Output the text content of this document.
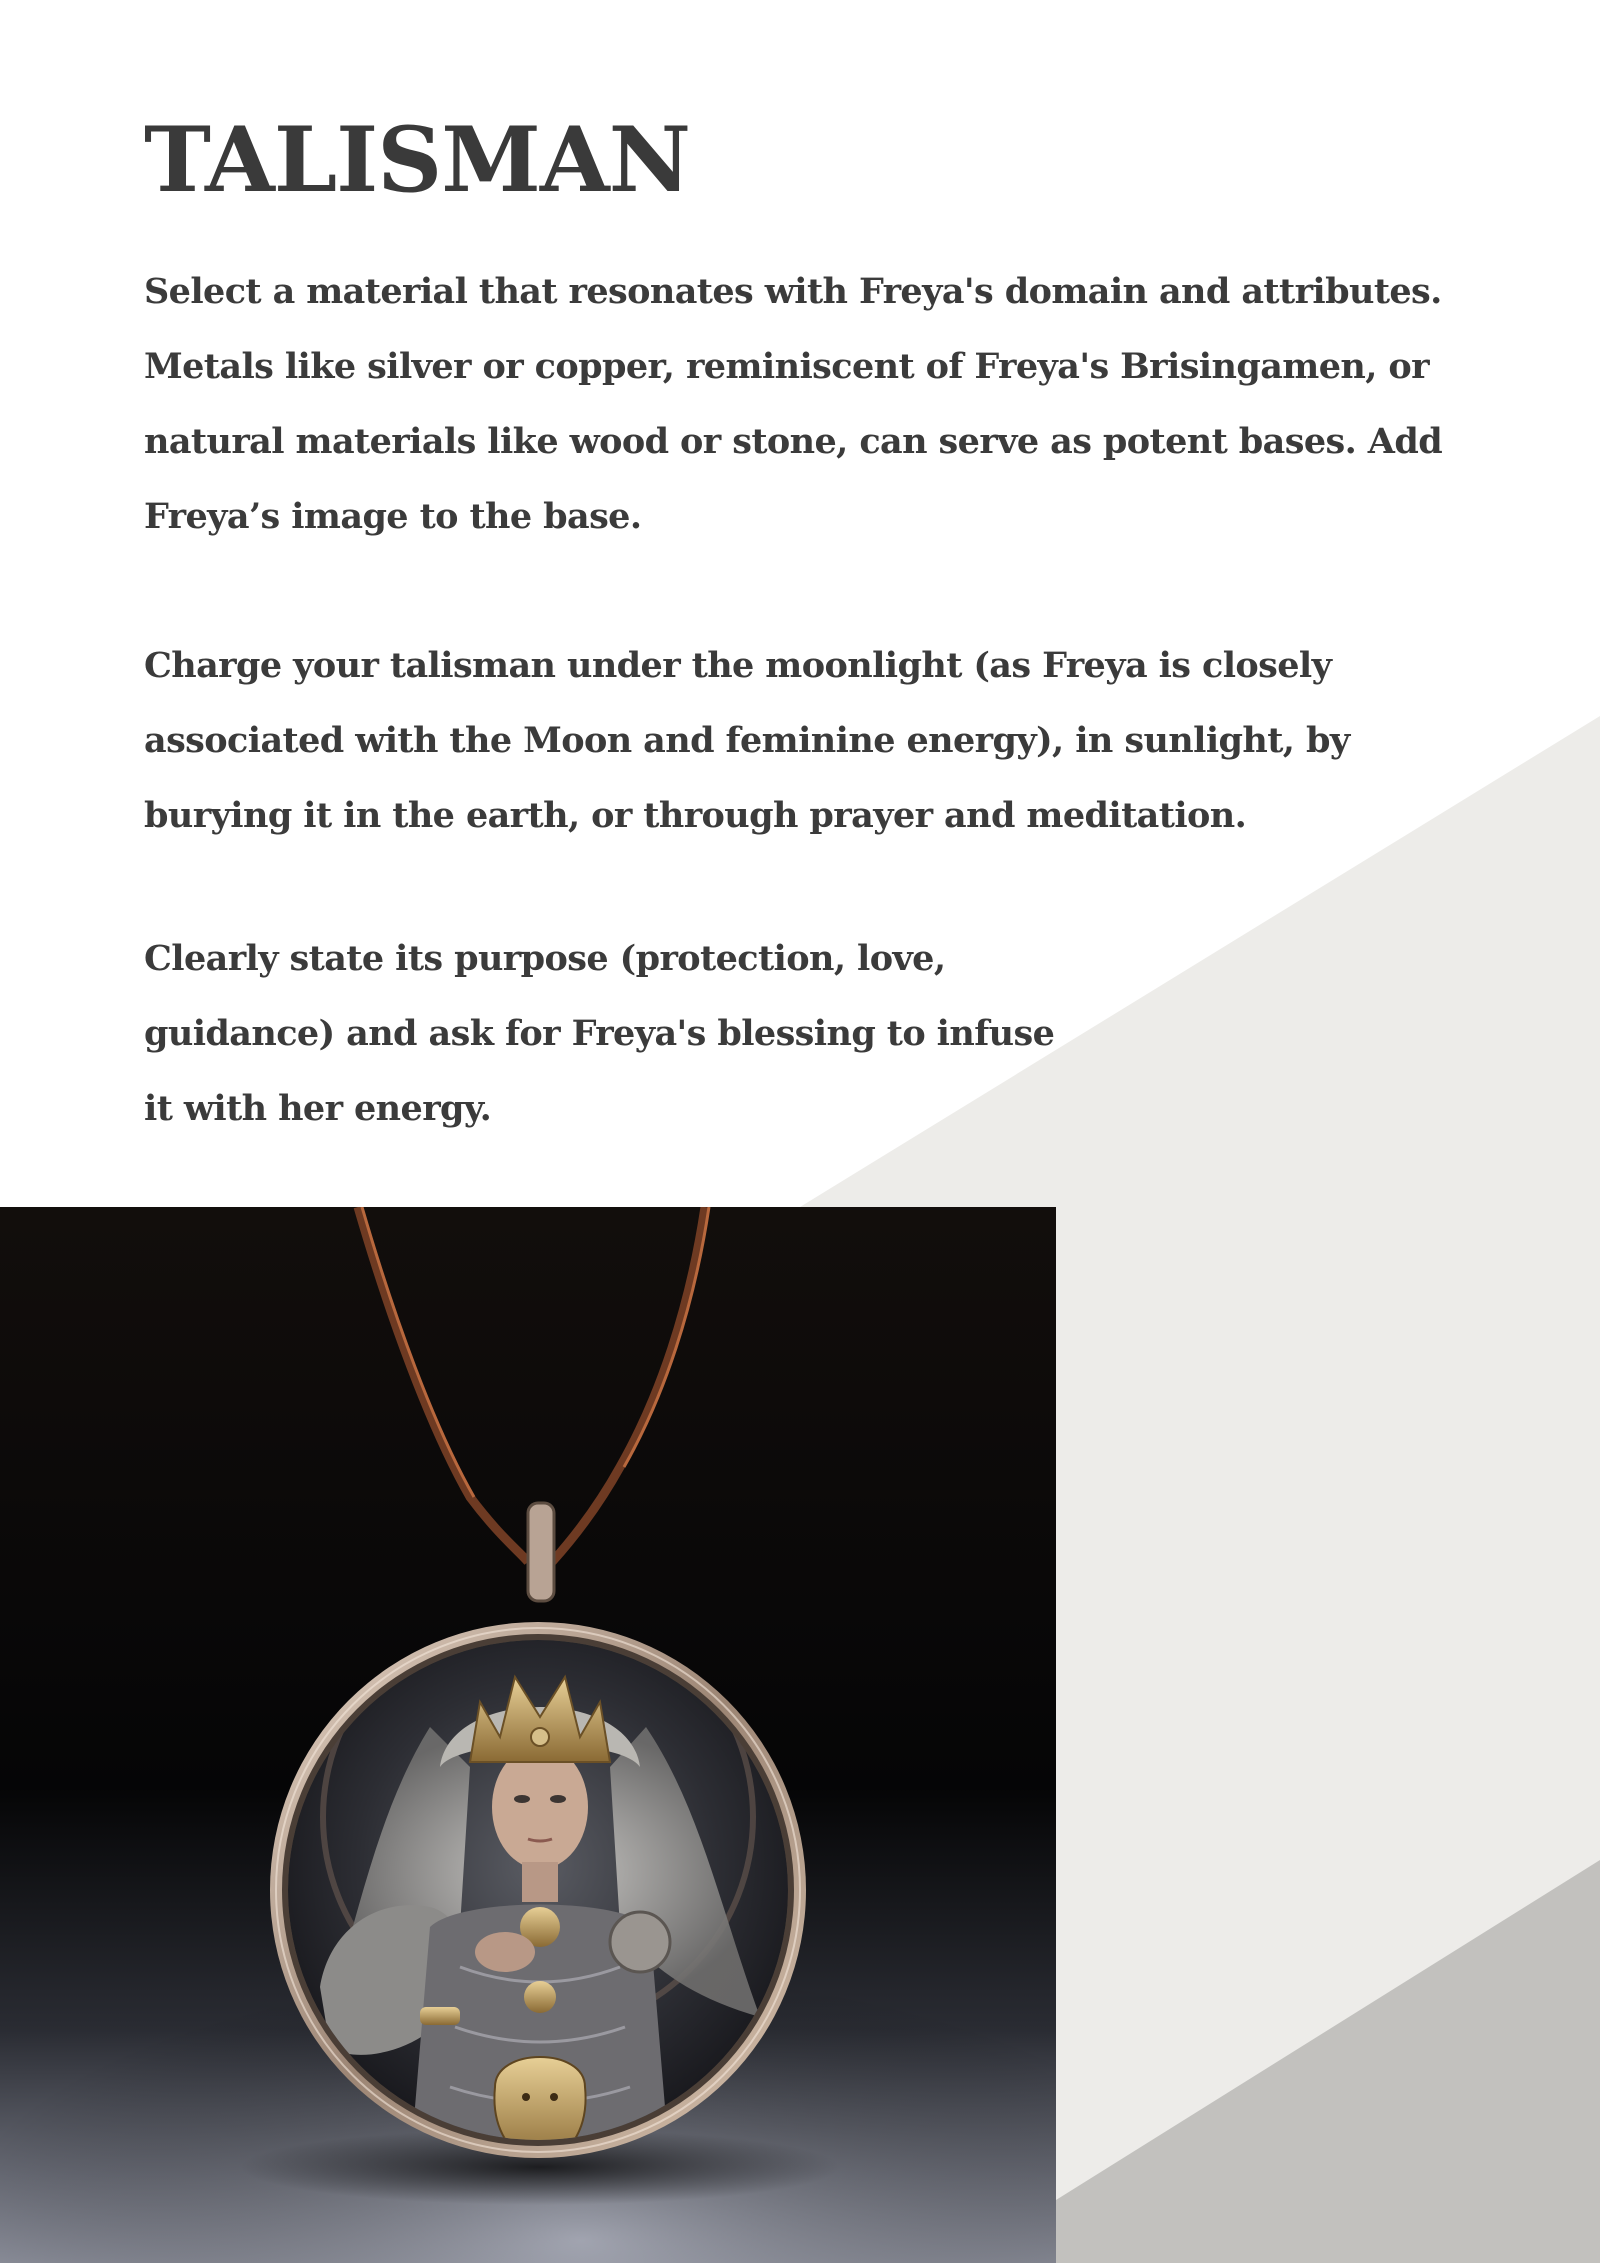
TALISMAN

Select a material that resonates with Freya's domain and attributes. Metals like silver or copper, reminiscent of Freya's Brisingamen, or natural materials like wood or stone, can serve as potent bases. Add Freya’s image to the base.

Charge your talisman under the moonlight (as Freya is closely associated with the Moon and feminine energy), in sunlight, by burying it in the earth, or through prayer and meditation.

Clearly state its purpose (protection, love, guidance) and ask for Freya's blessing to infuse it with her energy.
